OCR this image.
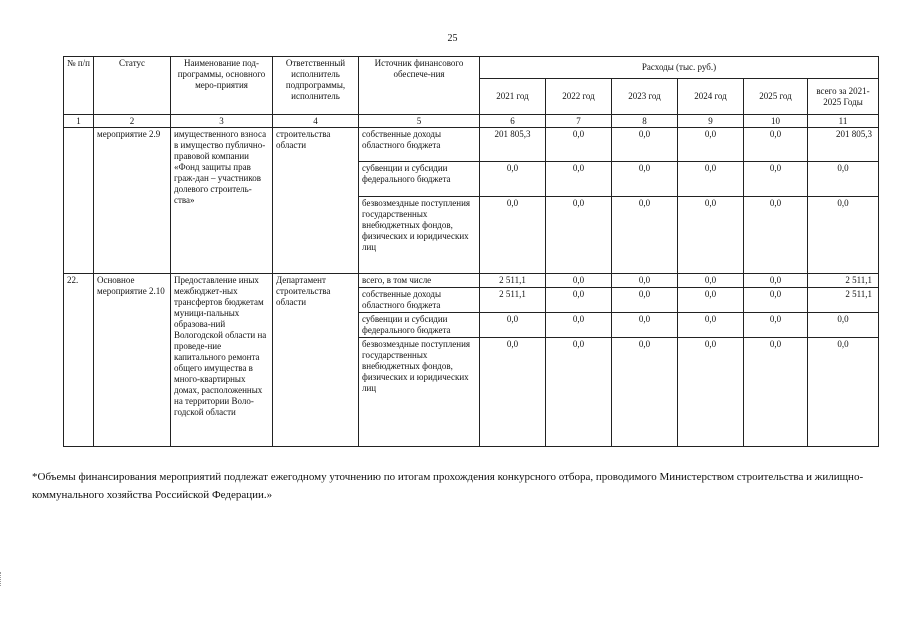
25
№ п/п	Статус	Наименование под-программы, основного меро-приятия	Ответственный исполнитель подпрограммы, исполнитель	Источник финансового обеспече-ния	Расходы (тыс. руб.)					
					2021 год	2022 год	2023 год	2024 год	2025 год	всего за 2021-2025 Годы
1	2	3	4	5	6	7	8	9	10	11
	мероприятие 2.9	имущественного взноса в имущество публично-правовой компании «Фонд защиты прав граж-дан – участников долевого строитель-ства»	строительства области	собственные доходы областного бюджета	201 805,3	0,0	0,0	0,0	0,0	201 805,3
				субвенции и субсидии федерального бюджета	0,0	0,0	0,0	0,0	0,0	0,0
				безвозмездные поступления государственных внебюджетных фондов, физических и юридических лиц	0,0	0,0	0,0	0,0	0,0	0,0
22.	Основное мероприятие 2.10	Предоставление иных межбюджет-ных трансфертов бюджетам муници-пальных образова-ний Вологодской области на проведе-ние капитального ремонта общего имущества в много-квартирных домах, расположенных на территории Воло-годской области	Департамент строительства области	всего, в том числе	2 511,1	0,0	0,0	0,0	0,0	2 511,1
				собственные доходы областного бюджета	2 511,1	0,0	0,0	0,0	0,0	2 511,1
				субвенции и субсидии федерального бюджета	0,0	0,0	0,0	0,0	0,0	0,0
				безвозмездные поступления государственных внебюджетных фондов, физических и юридических лиц	0,0	0,0	0,0	0,0	0,0	0,0
*Объемы финансирования мероприятий подлежат ежегодному уточнению по итогам прохождения конкурсного отбора, проводимого Министерством строительства и жилищно-коммунального хозяйства Российской Федерации.»
